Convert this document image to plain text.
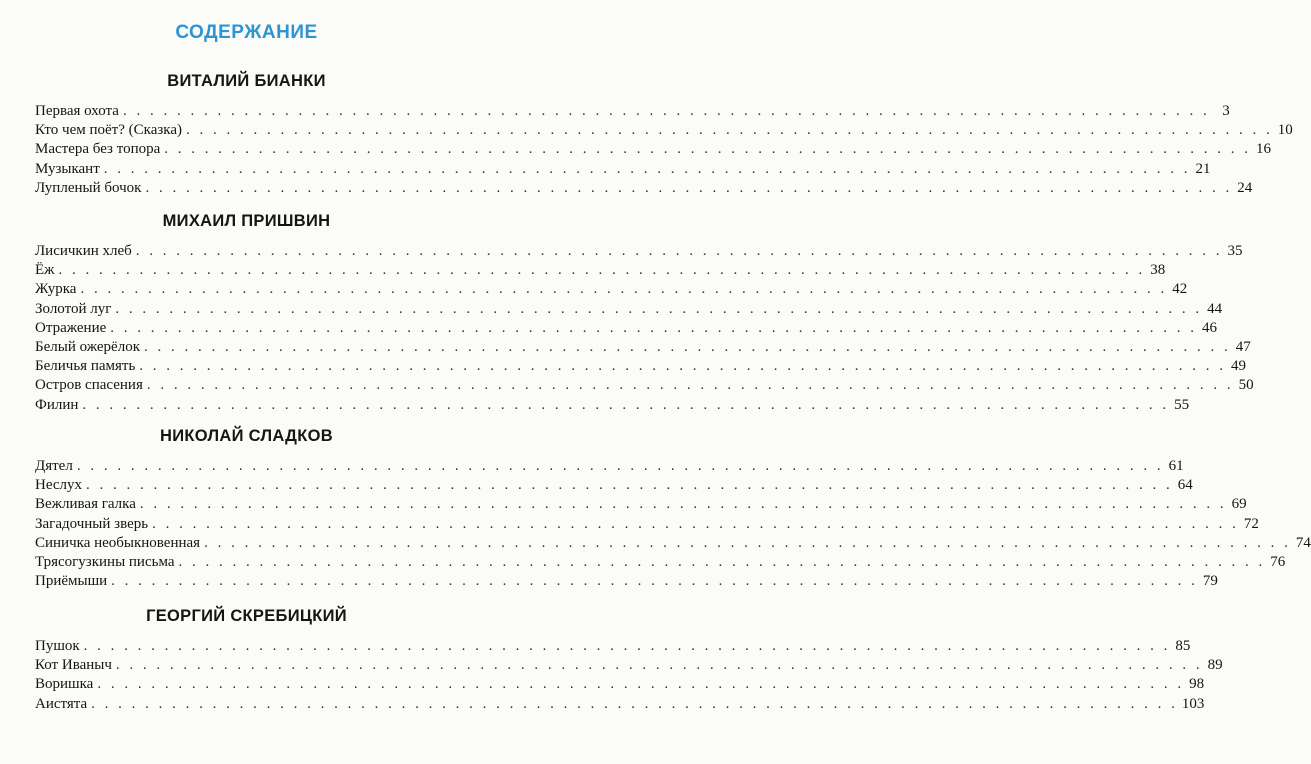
СОДЕРЖАНИЕ
ВИТАЛИЙ БИАНКИ
Первая охота . . . . . . . . . . . . . . . . . . . . . . . . . . . . . . . . . . . . . . . . . . . . . . . . . . . . . . . . . . . . . . . . . . . . . . . . . . . . . . . . . 3
Кто чем поёт? (Сказка) . . . . . . . . . . . . . . . . . . . . . . . . . . . . . . . . . . . . . . . . . . . . . . . . . . . . . . . . . . . . . . . . . . . . . . . . . . . . . . . . . 10
Мастера без топора . . . . . . . . . . . . . . . . . . . . . . . . . . . . . . . . . . . . . . . . . . . . . . . . . . . . . . . . . . . . . . . . . . . . . . . . . . . . . . . . . 16
Музыкант . . . . . . . . . . . . . . . . . . . . . . . . . . . . . . . . . . . . . . . . . . . . . . . . . . . . . . . . . . . . . . . . . . . . . . . . . . . . . . . . . 21
Лупленый бочок . . . . . . . . . . . . . . . . . . . . . . . . . . . . . . . . . . . . . . . . . . . . . . . . . . . . . . . . . . . . . . . . . . . . . . . . . . . . . . . . . 24
МИХАИЛ ПРИШВИН
Лисичкин хлеб . . . . . . . . . . . . . . . . . . . . . . . . . . . . . . . . . . . . . . . . . . . . . . . . . . . . . . . . . . . . . . . . . . . . . . . . . . . . . . . . . 35
Ёж . . . . . . . . . . . . . . . . . . . . . . . . . . . . . . . . . . . . . . . . . . . . . . . . . . . . . . . . . . . . . . . . . . . . . . . . . . . . . . . . . 38
Журка . . . . . . . . . . . . . . . . . . . . . . . . . . . . . . . . . . . . . . . . . . . . . . . . . . . . . . . . . . . . . . . . . . . . . . . . . . . . . . . . . 42
Золотой луг . . . . . . . . . . . . . . . . . . . . . . . . . . . . . . . . . . . . . . . . . . . . . . . . . . . . . . . . . . . . . . . . . . . . . . . . . . . . . . . . . 44
Отражение . . . . . . . . . . . . . . . . . . . . . . . . . . . . . . . . . . . . . . . . . . . . . . . . . . . . . . . . . . . . . . . . . . . . . . . . . . . . . . . . . 46
Белый ожерёлок . . . . . . . . . . . . . . . . . . . . . . . . . . . . . . . . . . . . . . . . . . . . . . . . . . . . . . . . . . . . . . . . . . . . . . . . . . . . . . . . . 47
Беличья память . . . . . . . . . . . . . . . . . . . . . . . . . . . . . . . . . . . . . . . . . . . . . . . . . . . . . . . . . . . . . . . . . . . . . . . . . . . . . . . . . 49
Остров спасения . . . . . . . . . . . . . . . . . . . . . . . . . . . . . . . . . . . . . . . . . . . . . . . . . . . . . . . . . . . . . . . . . . . . . . . . . . . . . . . . . 50
Филин . . . . . . . . . . . . . . . . . . . . . . . . . . . . . . . . . . . . . . . . . . . . . . . . . . . . . . . . . . . . . . . . . . . . . . . . . . . . . . . . . 55
НИКОЛАЙ СЛАДКОВ
Дятел . . . . . . . . . . . . . . . . . . . . . . . . . . . . . . . . . . . . . . . . . . . . . . . . . . . . . . . . . . . . . . . . . . . . . . . . . . . . . . . . . 61
Неслух . . . . . . . . . . . . . . . . . . . . . . . . . . . . . . . . . . . . . . . . . . . . . . . . . . . . . . . . . . . . . . . . . . . . . . . . . . . . . . . . . 64
Вежливая галка . . . . . . . . . . . . . . . . . . . . . . . . . . . . . . . . . . . . . . . . . . . . . . . . . . . . . . . . . . . . . . . . . . . . . . . . . . . . . . . . . 69
Загадочный зверь . . . . . . . . . . . . . . . . . . . . . . . . . . . . . . . . . . . . . . . . . . . . . . . . . . . . . . . . . . . . . . . . . . . . . . . . . . . . . . . . . 72
Синичка необыкновенная . . . . . . . . . . . . . . . . . . . . . . . . . . . . . . . . . . . . . . . . . . . . . . . . . . . . . . . . . . . . . . . . . . . . . . . . . . . . . . . . . 74
Трясогузкины письма . . . . . . . . . . . . . . . . . . . . . . . . . . . . . . . . . . . . . . . . . . . . . . . . . . . . . . . . . . . . . . . . . . . . . . . . . . . . . . . . . 76
Приёмыши . . . . . . . . . . . . . . . . . . . . . . . . . . . . . . . . . . . . . . . . . . . . . . . . . . . . . . . . . . . . . . . . . . . . . . . . . . . . . . . . . 79
ГЕОРГИЙ СКРЕБИЦКИЙ
Пушок . . . . . . . . . . . . . . . . . . . . . . . . . . . . . . . . . . . . . . . . . . . . . . . . . . . . . . . . . . . . . . . . . . . . . . . . . . . . . . . . . 85
Кот Иваныч . . . . . . . . . . . . . . . . . . . . . . . . . . . . . . . . . . . . . . . . . . . . . . . . . . . . . . . . . . . . . . . . . . . . . . . . . . . . . . . . . 89
Воришка . . . . . . . . . . . . . . . . . . . . . . . . . . . . . . . . . . . . . . . . . . . . . . . . . . . . . . . . . . . . . . . . . . . . . . . . . . . . . . . . . 98
Аистята . . . . . . . . . . . . . . . . . . . . . . . . . . . . . . . . . . . . . . . . . . . . . . . . . . . . . . . . . . . . . . . . . . . . . . . . . . . . . . . . . 103
